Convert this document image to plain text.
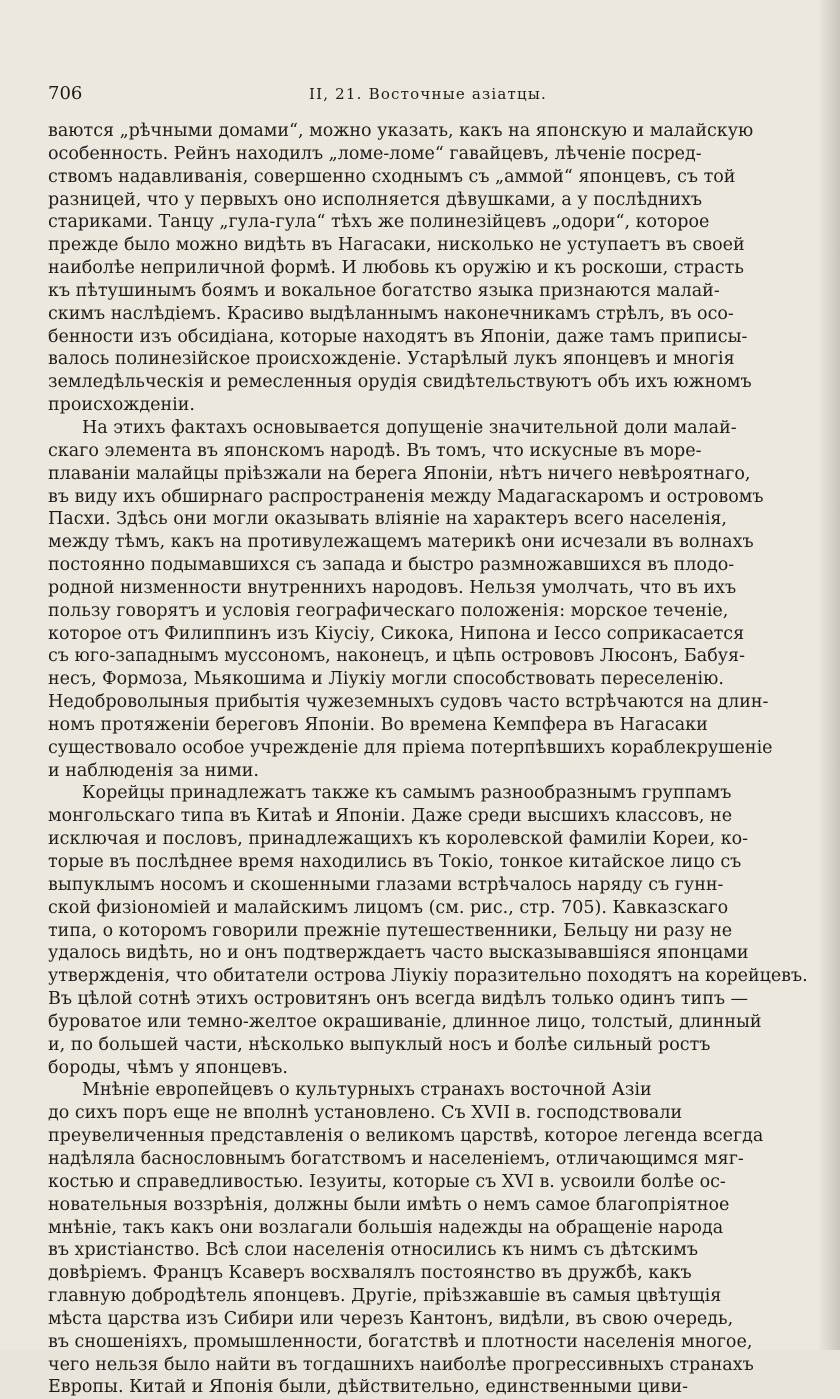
706	II, 21. Восточные азіатцы.
ваются „рѣчными домами“, можно указать, какъ на японскую и малайскую
особенность. Рейнъ находилъ „ломе-ломе“ гавайцевъ, лѣченіе посред-
ствомъ надавливанія, совершенно сходнымъ съ „аммой“ японцевъ, съ той
разницей, что у первыхъ оно исполняется дѣвушками, а у послѣднихъ
стариками. Танцу „гула-гула“ тѣхъ же полинезійцевъ „одори“, которое
прежде было можно видѣть въ Нагасаки, нисколько не уступаетъ въ своей
наиболѣе неприличной формѣ. И любовь къ оружію и къ роскоши, страсть
къ пѣтушинымъ боямъ и вокальное богатство языка признаются малай-
скимъ наслѣдіемъ. Красиво выдѣланнымъ наконечникамъ стрѣлъ, въ осо-
бенности изъ обсидіана, которые находятъ въ Японіи, даже тамъ приписы-
валось полинезійское происхожденіе. Устарѣлый лукъ японцевъ и многія
земледѣльческія и ремесленныя орудія свидѣтельствуютъ объ ихъ южномъ
происхожденіи.
На этихъ фактахъ основывается допущеніе значительной доли малай-
скаго элемента въ японскомъ народѣ. Въ томъ, что искусные въ море-
плаваніи малайцы пріѣзжали на берега Японіи, нѣтъ ничего невѣроятнаго,
въ виду ихъ обширнаго распространенія между Мадагаскаромъ и островомъ
Пасхи. Здѣсь они могли оказывать вліяніе на характеръ всего населенія,
между тѣмъ, какъ на противулежащемъ материкѣ они исчезали въ волнахъ
постоянно подымавшихся съ запада и быстро размножавшихся въ плодо-
родной низменности внутреннихъ народовъ. Нельзя умолчать, что въ ихъ
пользу говорятъ и условія географическаго положенія: морское теченіе,
которое отъ Филиппинъ изъ Кіусіу, Сикока, Нипона и Іессо соприкасается
съ юго-западнымъ муссономъ, наконецъ, и цѣпь острововъ Люсонъ, Бабуя-
несъ, Формоза, Мьякошима и Ліукіу могли способствовать переселенію.
Недоброволыныя прибытія чужеземныхъ судовъ часто встрѣчаются на длин-
номъ протяженіи береговъ Японіи. Во времена Кемпфера въ Нагасаки
существовало особое учрежденіе для пріема потерпѣвшихъ кораблекрушеніе
и наблюденія за ними.
Корейцы принадлежатъ также къ самымъ разнообразнымъ группамъ
монгольскаго типа въ Китаѣ и Японіи. Даже среди высшихъ классовъ, не
исключая и пословъ, принадлежащихъ къ королевской фамиліи Кореи, ко-
торые въ послѣднее время находились въ Токіо, тонкое китайское лицо съ
выпуклымъ носомъ и скошенными глазами встрѣчалось наряду съ гунн-
ской физіономіей и малайскимъ лицомъ (см. рис., стр. 705). Кавказскаго
типа, о которомъ говорили прежніе путешественники, Бельцу ни разу не
удалось видѣть, но и онъ подтверждаетъ часто высказывавшіяся японцами
утвержденія, что обитатели острова Ліукіу поразительно походятъ на корейцевъ.
Въ цѣлой сотнѣ этихъ островитянъ онъ всегда видѣлъ только одинъ типъ —
буроватое или темно-желтое окрашиваніе, длинное лицо, толстый, длинный
и, по большей части, нѣсколько выпуклый носъ и болѣе сильный ростъ
бороды, чѣмъ у японцевъ.
Мнѣніе европейцевъ о культурныхъ странахъ восточной Азіи
до сихъ поръ еще не вполнѣ установлено. Съ XVII в. господствовали
преувеличенныя представленія о великомъ царствѣ, которое легенда всегда
надѣляла баснословнымъ богатствомъ и населеніемъ, отличающимся мяг-
костью и справедливостью. Іезуиты, которые съ XVI в. усвоили болѣе ос-
новательныя воззрѣнія, должны были имѣть о немъ самое благопріятное
мнѣніе, такъ какъ они возлагали большія надежды на обращеніе народа
въ христіанство. Всѣ слои населенія относились къ нимъ съ дѣтскимъ
довѣріемъ. Францъ Ксаверъ восхвалялъ постоянство въ дружбѣ, какъ
главную добродѣтель японцевъ. Другіе, пріѣзжавшіе въ самыя цвѣтущія
мѣста царства изъ Сибири или черезъ Кантонъ, видѣли, въ свою очередь,
въ сношеніяхъ, промышленности, богатствѣ и плотности населенія многое,
чего нельзя было найти въ тогдашнихъ наиболѣе прогрессивныхъ странахъ
Европы. Китай и Японія были, дѣйствительно, единственными циви-
